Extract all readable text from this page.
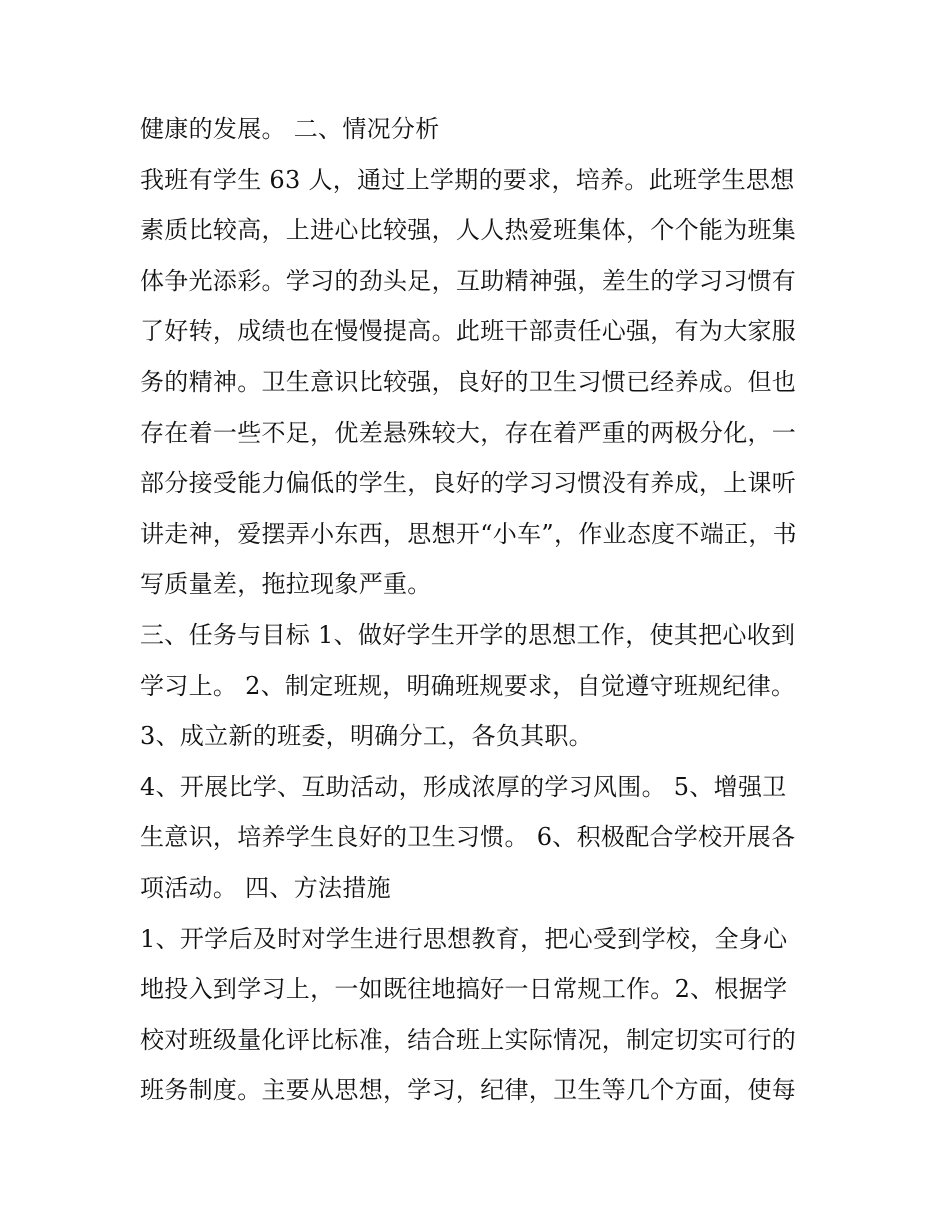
健康的发展。 二、情况分析
我班有学生 63 人，通过上学期的要求，培养。此班学生思想
素质比较高，上进心比较强，人人热爱班集体，个个能为班集
体争光添彩。学习的劲头足，互助精神强，差生的学习习惯有
了好转，成绩也在慢慢提高。此班干部责任心强，有为大家服
务的精神。卫生意识比较强，良好的卫生习惯已经养成。但也
存在着一些不足，优差悬殊较大，存在着严重的两极分化，一
部分接受能力偏低的学生，良好的学习习惯没有养成，上课听
讲走神，爱摆弄小东西，思想开“小车”，作业态度不端正，书
写质量差，拖拉现象严重。
三、任务与目标 1、做好学生开学的思想工作，使其把心收到
学习上。 2、制定班规，明确班规要求，自觉遵守班规纪律。
3、成立新的班委，明确分工，各负其职。
4、开展比学、互助活动，形成浓厚的学习风围。 5、增强卫
生意识，培养学生良好的卫生习惯。 6、积极配合学校开展各
项活动。 四、方法措施
1、开学后及时对学生进行思想教育，把心受到学校，全身心
地投入到学习上，一如既往地搞好一日常规工作。2、根据学
校对班级量化评比标准，结合班上实际情况，制定切实可行的
班务制度。主要从思想，学习，纪律，卫生等几个方面，使每
